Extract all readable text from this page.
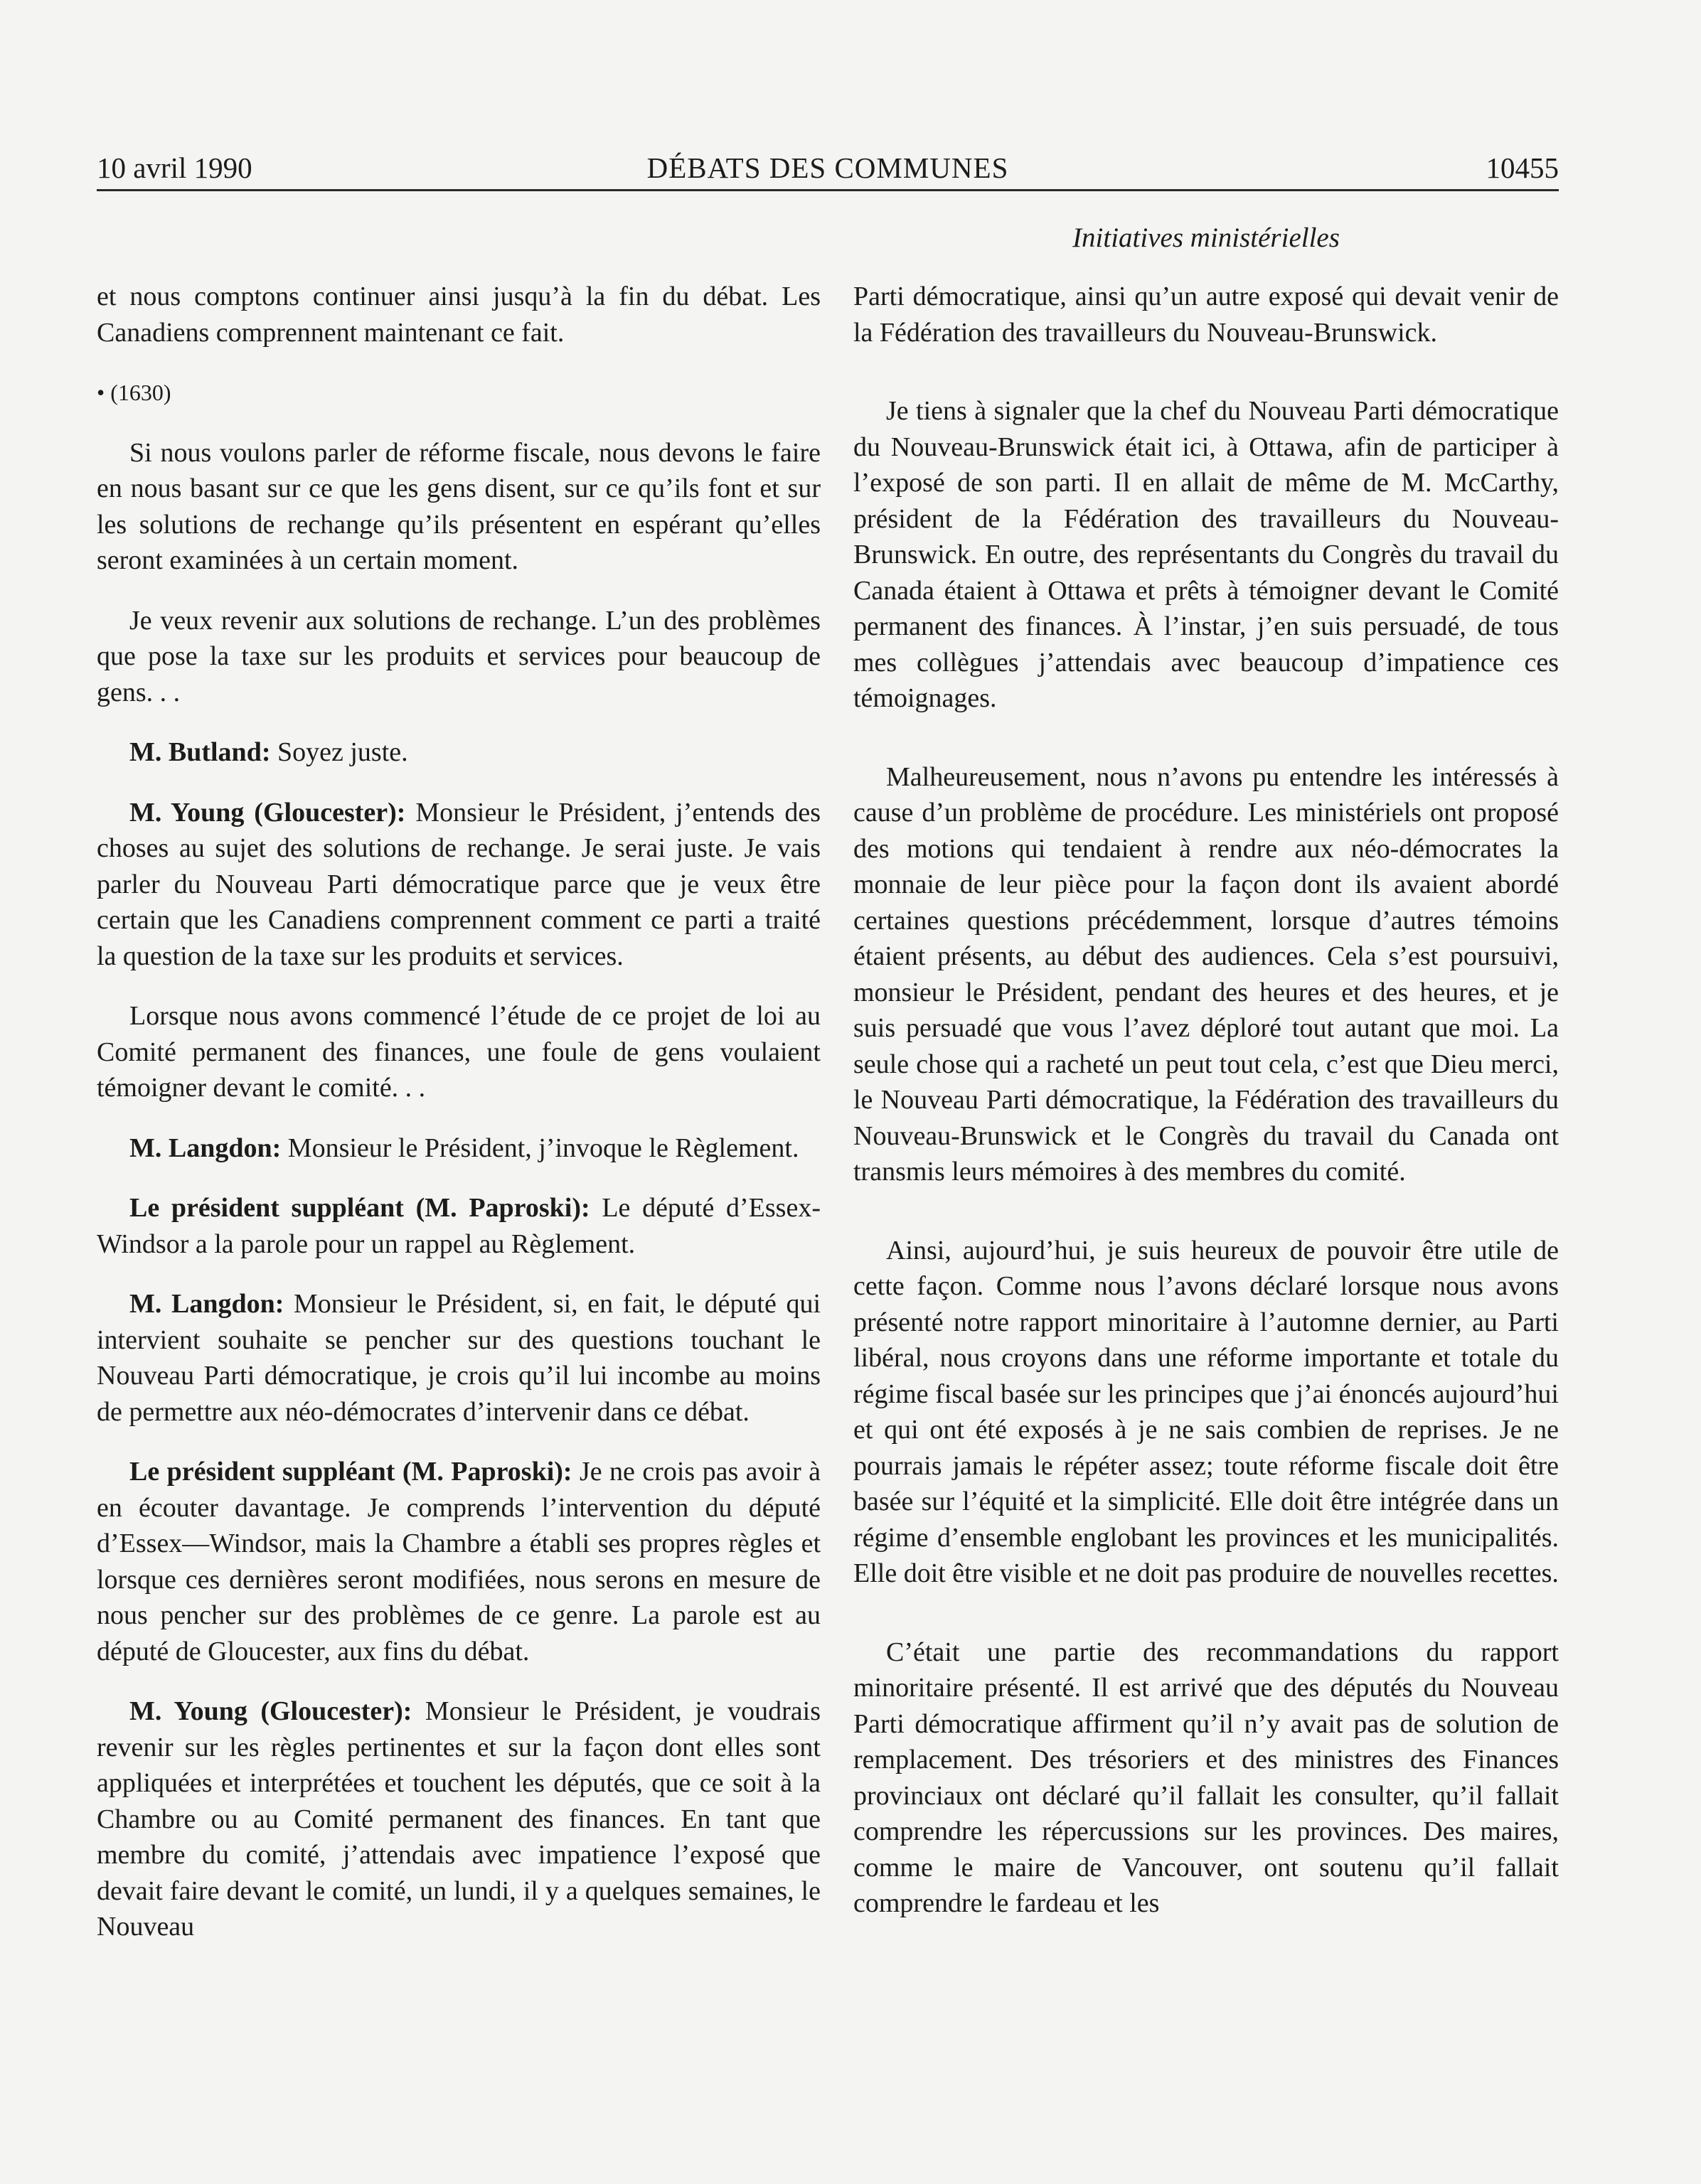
10 avril 1990	DÉBATS DES COMMUNES	10455
Initiatives ministérielles

et nous comptons continuer ainsi jusqu’à la fin du débat. Les Canadiens comprennent maintenant ce fait.

• (1630)

Si nous voulons parler de réforme fiscale, nous devons le faire en nous basant sur ce que les gens disent, sur ce qu’ils font et sur les solutions de rechange qu’ils présentent en espérant qu’elles seront examinées à un certain moment.

Je veux revenir aux solutions de rechange. L’un des problèmes que pose la taxe sur les produits et services pour beaucoup de gens. . .

M. Butland: Soyez juste.

M. Young (Gloucester): Monsieur le Président, j’entends des choses au sujet des solutions de rechange. Je serai juste. Je vais parler du Nouveau Parti démocratique parce que je veux être certain que les Canadiens comprennent comment ce parti a traité la question de la taxe sur les produits et services.

Lorsque nous avons commencé l’étude de ce projet de loi au Comité permanent des finances, une foule de gens voulaient témoigner devant le comité. . .

M. Langdon: Monsieur le Président, j’invoque le Règlement.

Le président suppléant (M. Paproski): Le député d’Essex-Windsor a la parole pour un rappel au Règlement.

M. Langdon: Monsieur le Président, si, en fait, le député qui intervient souhaite se pencher sur des questions touchant le Nouveau Parti démocratique, je crois qu’il lui incombe au moins de permettre aux néo-démocrates d’intervenir dans ce débat.

Le président suppléant (M. Paproski): Je ne crois pas avoir à en écouter davantage. Je comprends l’intervention du député d’Essex—Windsor, mais la Chambre a établi ses propres règles et lorsque ces dernières seront modifiées, nous serons en mesure de nous pencher sur des problèmes de ce genre. La parole est au député de Gloucester, aux fins du débat.

M. Young (Gloucester): Monsieur le Président, je voudrais revenir sur les règles pertinentes et sur la façon dont elles sont appliquées et interprétées et touchent les députés, que ce soit à la Chambre ou au Comité permanent des finances. En tant que membre du comité, j’attendais avec impatience l’exposé que devait faire devant le comité, un lundi, il y a quelques semaines, le Nouveau

Parti démocratique, ainsi qu’un autre exposé qui devait venir de la Fédération des travailleurs du Nouveau-Brunswick.

Je tiens à signaler que la chef du Nouveau Parti démocratique du Nouveau-Brunswick était ici, à Ottawa, afin de participer à l’exposé de son parti. Il en allait de même de M. McCarthy, président de la Fédération des travailleurs du Nouveau-Brunswick. En outre, des représentants du Congrès du travail du Canada étaient à Ottawa et prêts à témoigner devant le Comité permanent des finances. À l’instar, j’en suis persuadé, de tous mes collègues j’attendais avec beaucoup d’impatience ces témoignages.

Malheureusement, nous n’avons pu entendre les intéressés à cause d’un problème de procédure. Les ministériels ont proposé des motions qui tendaient à rendre aux néo-démocrates la monnaie de leur pièce pour la façon dont ils avaient abordé certaines questions précédemment, lorsque d’autres témoins étaient présents, au début des audiences. Cela s’est poursuivi, monsieur le Président, pendant des heures et des heures, et je suis persuadé que vous l’avez déploré tout autant que moi. La seule chose qui a racheté un peut tout cela, c’est que Dieu merci, le Nouveau Parti démocratique, la Fédération des travailleurs du Nouveau-Brunswick et le Congrès du travail du Canada ont transmis leurs mémoires à des membres du comité.

Ainsi, aujourd’hui, je suis heureux de pouvoir être utile de cette façon. Comme nous l’avons déclaré lorsque nous avons présenté notre rapport minoritaire à l’automne dernier, au Parti libéral, nous croyons dans une réforme importante et totale du régime fiscal basée sur les principes que j’ai énoncés aujourd’hui et qui ont été exposés à je ne sais combien de reprises. Je ne pourrais jamais le répéter assez; toute réforme fiscale doit être basée sur l’équité et la simplicité. Elle doit être intégrée dans un régime d’ensemble englobant les provinces et les municipalités. Elle doit être visible et ne doit pas produire de nouvelles recettes.

C’était une partie des recommandations du rapport minoritaire présenté. Il est arrivé que des députés du Nouveau Parti démocratique affirment qu’il n’y avait pas de solution de remplacement. Des trésoriers et des ministres des Finances provinciaux ont déclaré qu’il fallait les consulter, qu’il fallait comprendre les répercussions sur les provinces. Des maires, comme le maire de Vancouver, ont soutenu qu’il fallait comprendre le fardeau et les
